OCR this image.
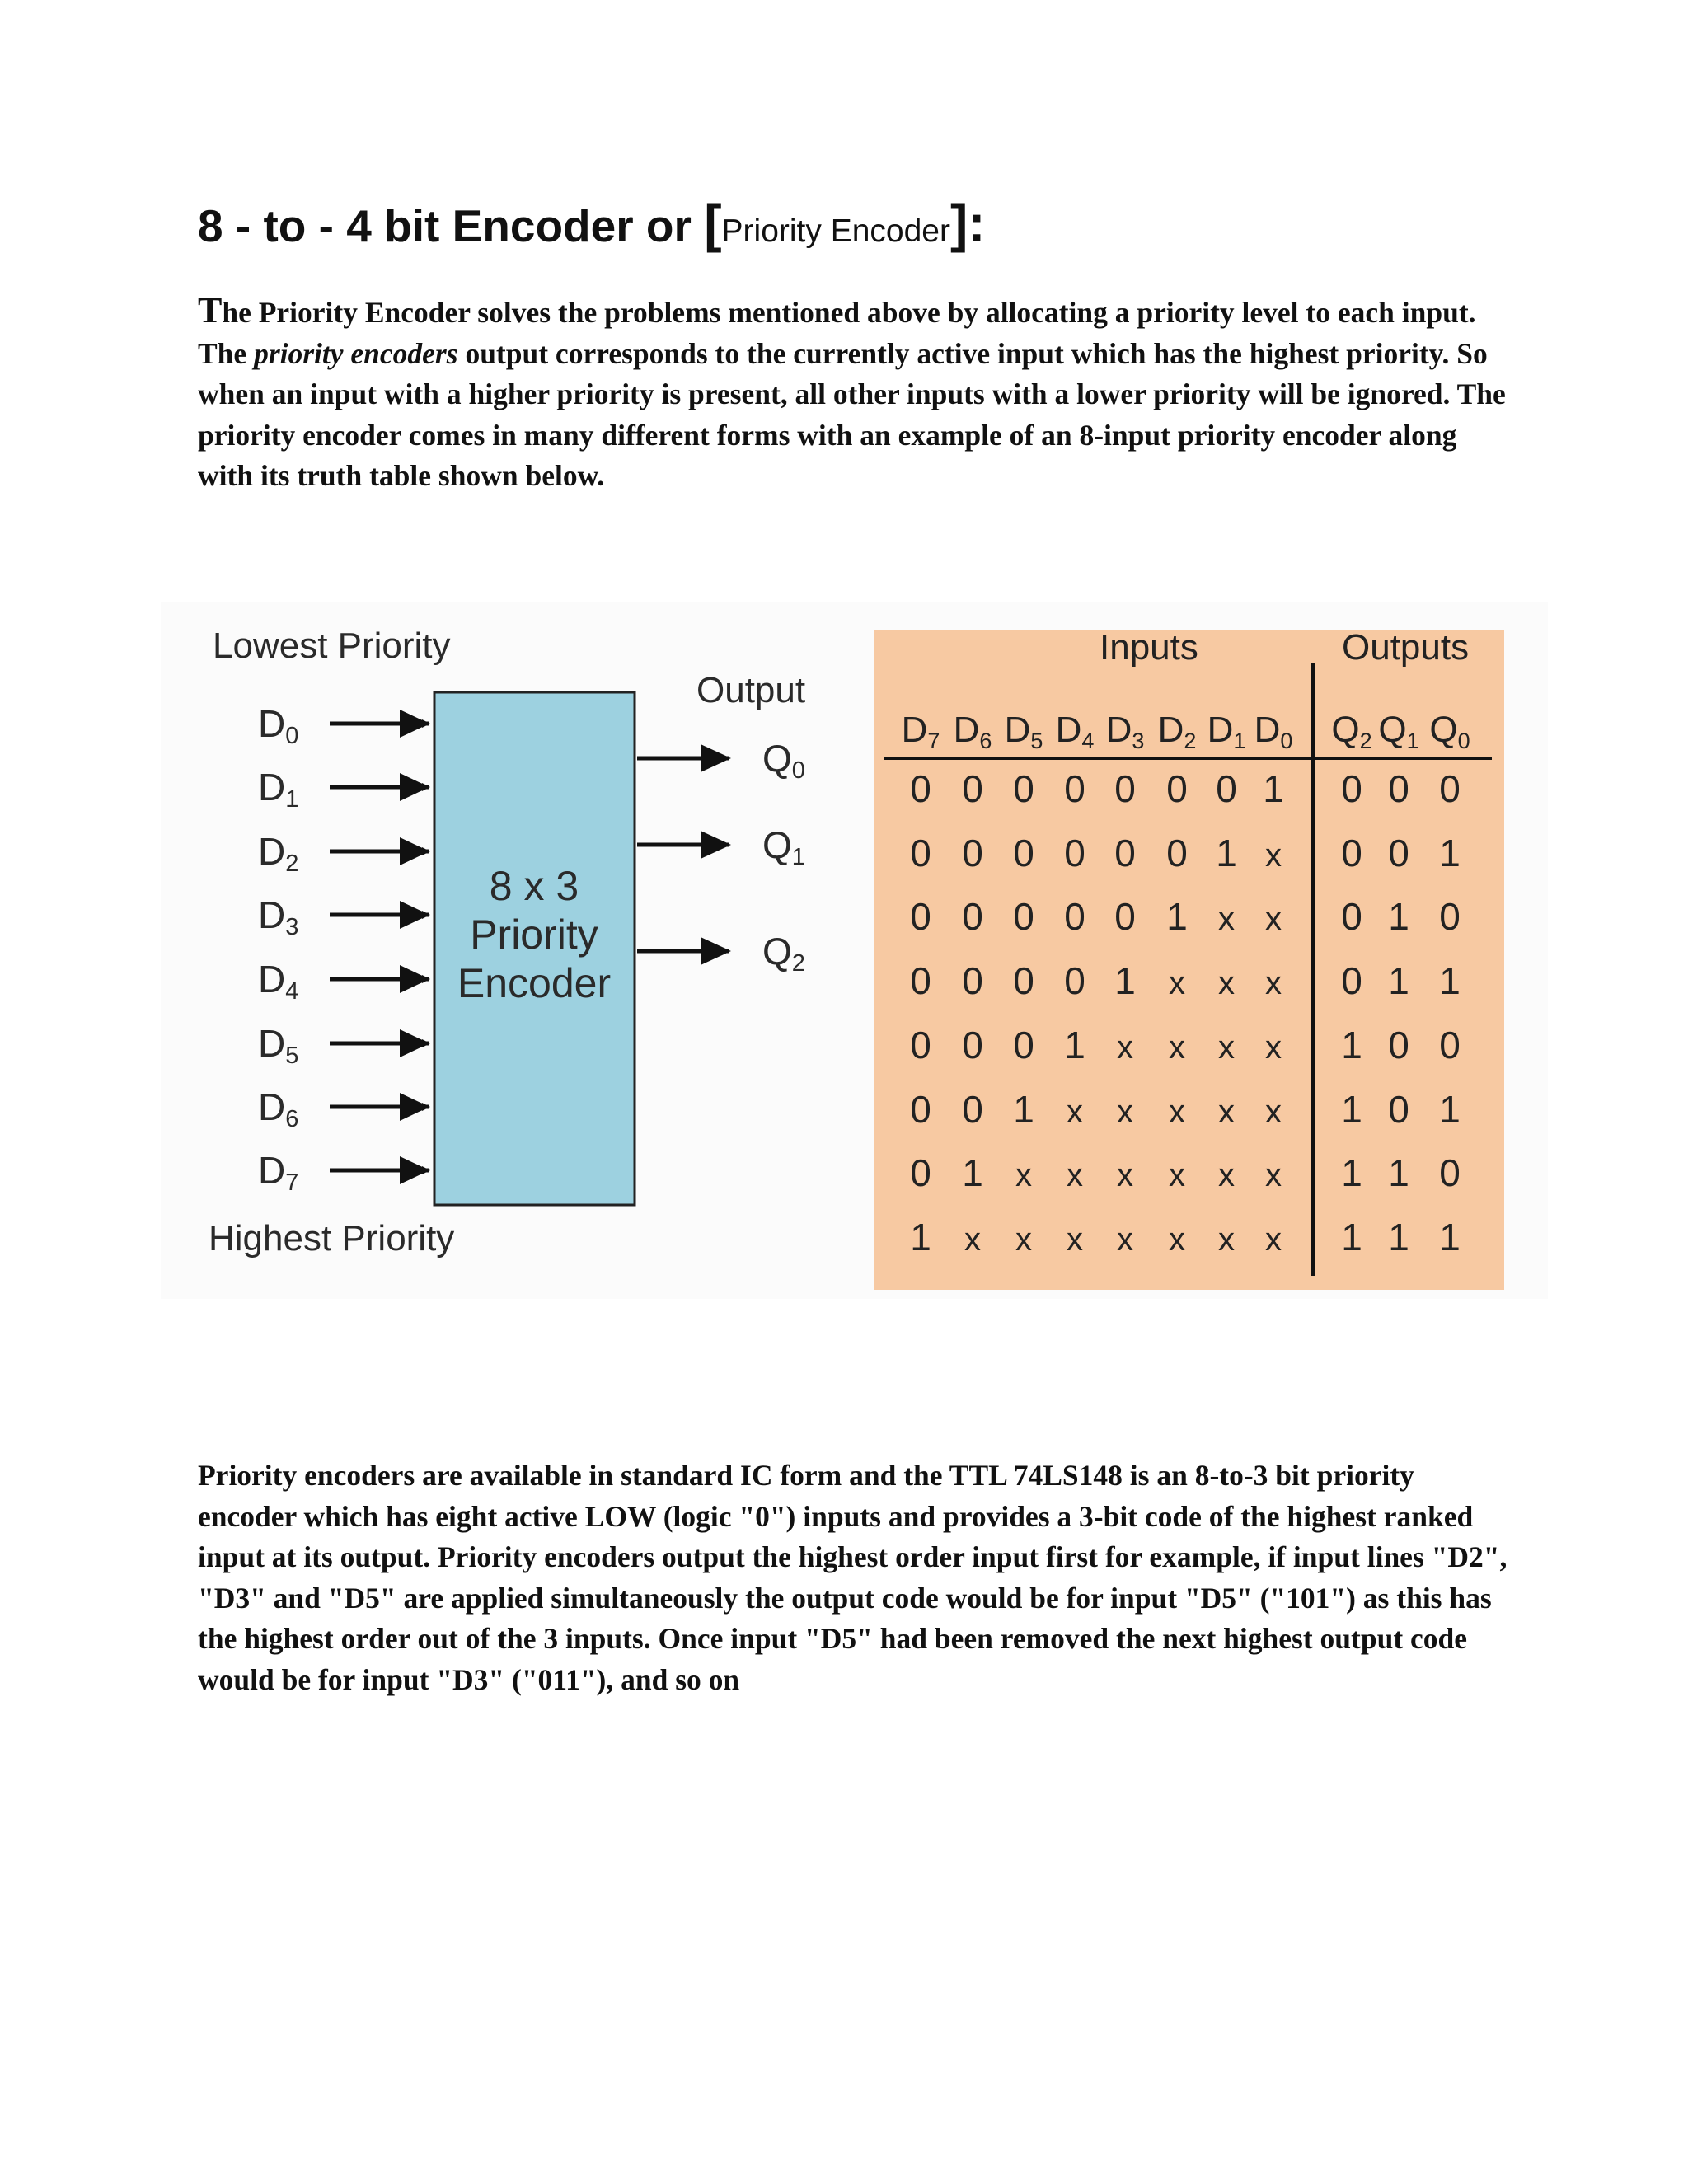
8 - to - 4 bit Encoder or [Priority Encoder]:

The Priority Encoder solves the problems mentioned above by allocating a priority level to each input. The priority encoders output corresponds to the currently active input which has the highest priority. So when an input with a higher priority is present, all other inputs with a lower priority will be ignored. The priority encoder comes in many different forms with an example of an 8-input priority encoder along with its truth table shown below.

Lowest Priority
Highest Priority
8 x 3
Priority
Encoder
Output
D0
D1
D2
D3
D4
D5
D6
D7
Q0
Q1
Q2
Inputs	Outputs
D7 D6 D5 D4 D3 D2 D1 D0 Q2 Q1 Q0
0 0 0 0 0 0 0 1 0 0 0
0 0 0 0 0 0 1 x 0 0 1
0 0 0 0 0 1 x x 0 1 0
0 0 0 0 1 x x x 0 1 1
0 0 0 1 x x x x 1 0 0
0 0 1 x x x x x 1 0 1
0 1 x x x x x x 1 1 0
1 x x x x x x x 1 1 1

Priority encoders are available in standard IC form and the TTL 74LS148 is an 8-to-3 bit priority encoder which has eight active LOW (logic "0") inputs and provides a 3-bit code of the highest ranked input at its output. Priority encoders output the highest order input first for example, if input lines "D2", "D3" and "D5" are applied simultaneously the output code would be for input "D5" ("101") as this has the highest order out of the 3 inputs. Once input "D5" had been removed the next highest output code would be for input "D3" ("011"), and so on
